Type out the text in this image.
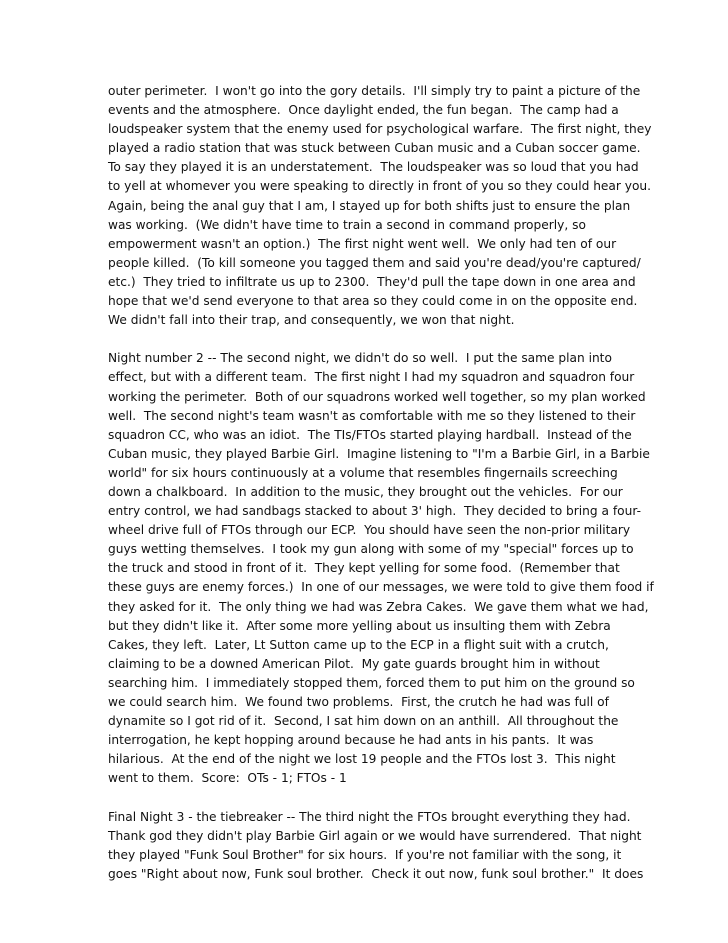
outer perimeter.  I won't go into the gory details.  I'll simply try to paint a picture of the
events and the atmosphere.  Once daylight ended, the fun began.  The camp had a
loudspeaker system that the enemy used for psychological warfare.  The first night, they
played a radio station that was stuck between Cuban music and a Cuban soccer game.
To say they played it is an understatement.  The loudspeaker was so loud that you had
to yell at whomever you were speaking to directly in front of you so they could hear you.
Again, being the anal guy that I am, I stayed up for both shifts just to ensure the plan
was working.  (We didn't have time to train a second in command properly, so
empowerment wasn't an option.)  The first night went well.  We only had ten of our
people killed.  (To kill someone you tagged them and said you're dead/you're captured/
etc.)  They tried to infiltrate us up to 2300.  They'd pull the tape down in one area and
hope that we'd send everyone to that area so they could come in on the opposite end.
We didn't fall into their trap, and consequently, we won that night.
Night number 2 -- The second night, we didn't do so well.  I put the same plan into
effect, but with a different team.  The first night I had my squadron and squadron four
working the perimeter.  Both of our squadrons worked well together, so my plan worked
well.  The second night's team wasn't as comfortable with me so they listened to their
squadron CC, who was an idiot.  The TIs/FTOs started playing hardball.  Instead of the
Cuban music, they played Barbie Girl.  Imagine listening to "I'm a Barbie Girl, in a Barbie
world" for six hours continuously at a volume that resembles fingernails screeching
down a chalkboard.  In addition to the music, they brought out the vehicles.  For our
entry control, we had sandbags stacked to about 3' high.  They decided to bring a four-
wheel drive full of FTOs through our ECP.  You should have seen the non-prior military
guys wetting themselves.  I took my gun along with some of my "special" forces up to
the truck and stood in front of it.  They kept yelling for some food.  (Remember that
these guys are enemy forces.)  In one of our messages, we were told to give them food if
they asked for it.  The only thing we had was Zebra Cakes.  We gave them what we had,
but they didn't like it.  After some more yelling about us insulting them with Zebra
Cakes, they left.  Later, Lt Sutton came up to the ECP in a flight suit with a crutch,
claiming to be a downed American Pilot.  My gate guards brought him in without
searching him.  I immediately stopped them, forced them to put him on the ground so
we could search him.  We found two problems.  First, the crutch he had was full of
dynamite so I got rid of it.  Second, I sat him down on an anthill.  All throughout the
interrogation, he kept hopping around because he had ants in his pants.  It was
hilarious.  At the end of the night we lost 19 people and the FTOs lost 3.  This night
went to them.  Score:  OTs - 1; FTOs - 1
Final Night 3 - the tiebreaker -- The third night the FTOs brought everything they had.
Thank god they didn't play Barbie Girl again or we would have surrendered.  That night
they played "Funk Soul Brother" for six hours.  If you're not familiar with the song, it
goes "Right about now, Funk soul brother.  Check it out now, funk soul brother."  It does
